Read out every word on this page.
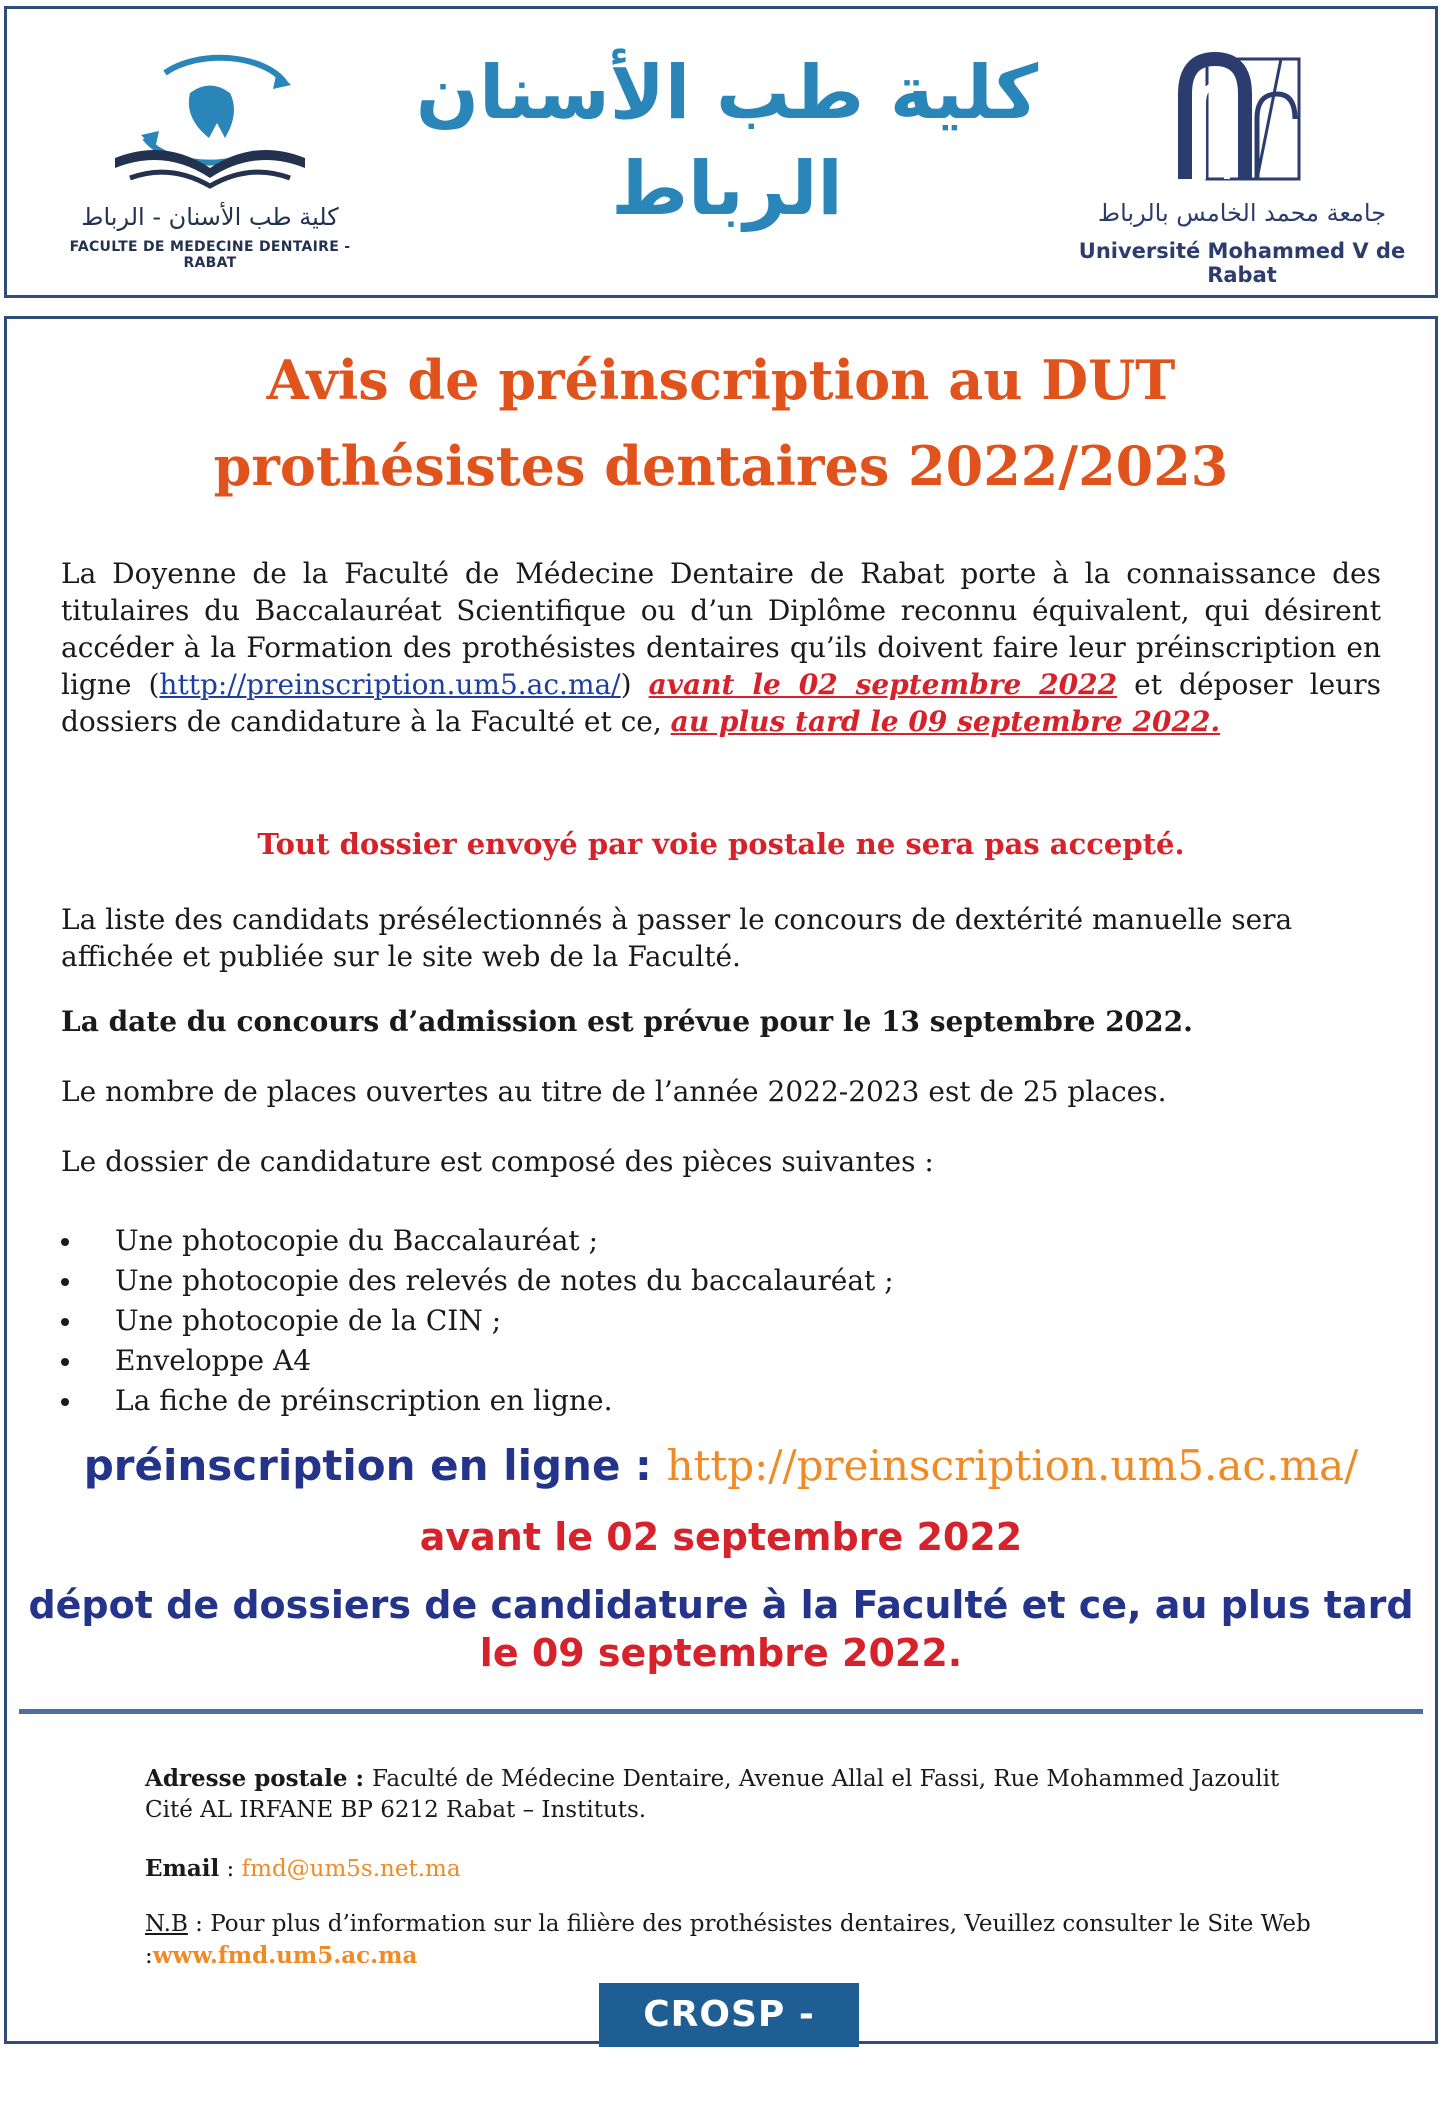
كلية طب الأسنان - الرباط
FACULTE DE MEDECINE DENTAIRE - RABAT
كلية طب الأسنان
الرباط	جامعة محمد الخامس بالرباط
Université Mohammed V de Rabat
Avis de préinscription au DUT
prothésistes dentaires 2022/2023
La Doyenne de la Faculté de Médecine Dentaire de Rabat porte à la connaissance des titulaires du Baccalauréat Scientifique ou d’un Diplôme reconnu équivalent, qui désirent accéder à la Formation des prothésistes dentaires qu’ils doivent faire leur préinscription en ligne (http://preinscription.um5.ac.ma/) avant le 02 septembre 2022 et déposer leurs dossiers de candidature à la Faculté et ce, au plus tard le 09 septembre 2022.
Tout dossier envoyé par voie postale ne sera pas accepté.
La liste des candidats présélectionnés à passer le concours de dextérité manuelle sera affichée et publiée sur le site web de la Faculté.
La date du concours d’admission est prévue pour le 13 septembre 2022.
Le nombre de places ouvertes au titre de l’année 2022-2023 est de 25 places.
Le dossier de candidature est composé des pièces suivantes :
Une photocopie du Baccalauréat ;
Une photocopie des relevés de notes du baccalauréat ;
Une photocopie de la CIN ;
Enveloppe A4
La fiche de préinscription en ligne.
préinscription en ligne : http://preinscription.um5.ac.ma/
avant le 02 septembre 2022
dépot de dossiers de candidature à la Faculté et ce, au plus tard
le 09 septembre 2022.
Adresse postale : Faculté de Médecine Dentaire, Avenue Allal el Fassi, Rue Mohammed Jazoulit Cité AL IRFANE BP 6212 Rabat – Instituts.
Email : fmd@um5s.net.ma
N.B : Pour plus d’information sur la filière des prothésistes dentaires, Veuillez consulter le Site Web :www.fmd.um5.ac.ma
CROSP - RSK
